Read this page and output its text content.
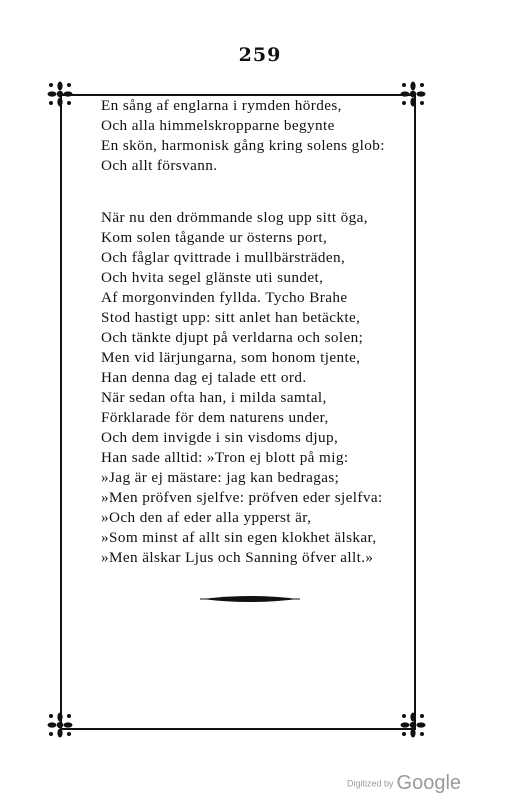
259
En sång af englarna i rymden hördes,
Och alla himmelskropparne begynte
En skön, harmonisk gång kring solens glob:
Och allt försvann.
När nu den drömmande slog upp sitt öga,
Kom solen tågande ur österns port,
Och fåglar qvittrade i mullbärsträden,
Och hvita segel glänste uti sundet,
Af morgonvinden fyllda. Tycho Brahe
Stod hastigt upp: sitt anlet han betäckte,
Och tänkte djupt på verldarna och solen;
Men vid lärjungarna, som honom tjente,
Han denna dag ej talade ett ord.
När sedan ofta han, i milda samtal,
Förklarade för dem naturens under,
Och dem invigde i sin visdoms djup,
Han sade alltid: »Tron ej blott på mig:
»Jag är ej mästare: jag kan bedragas;
»Men pröfven sjelfve: pröfven eder sjelfva:
»Och den af eder alla ypperst är,
»Som minst af allt sin egen klokhet älskar,
»Men älskar Ljus och Sanning öfver allt.»
Digitized by Google
